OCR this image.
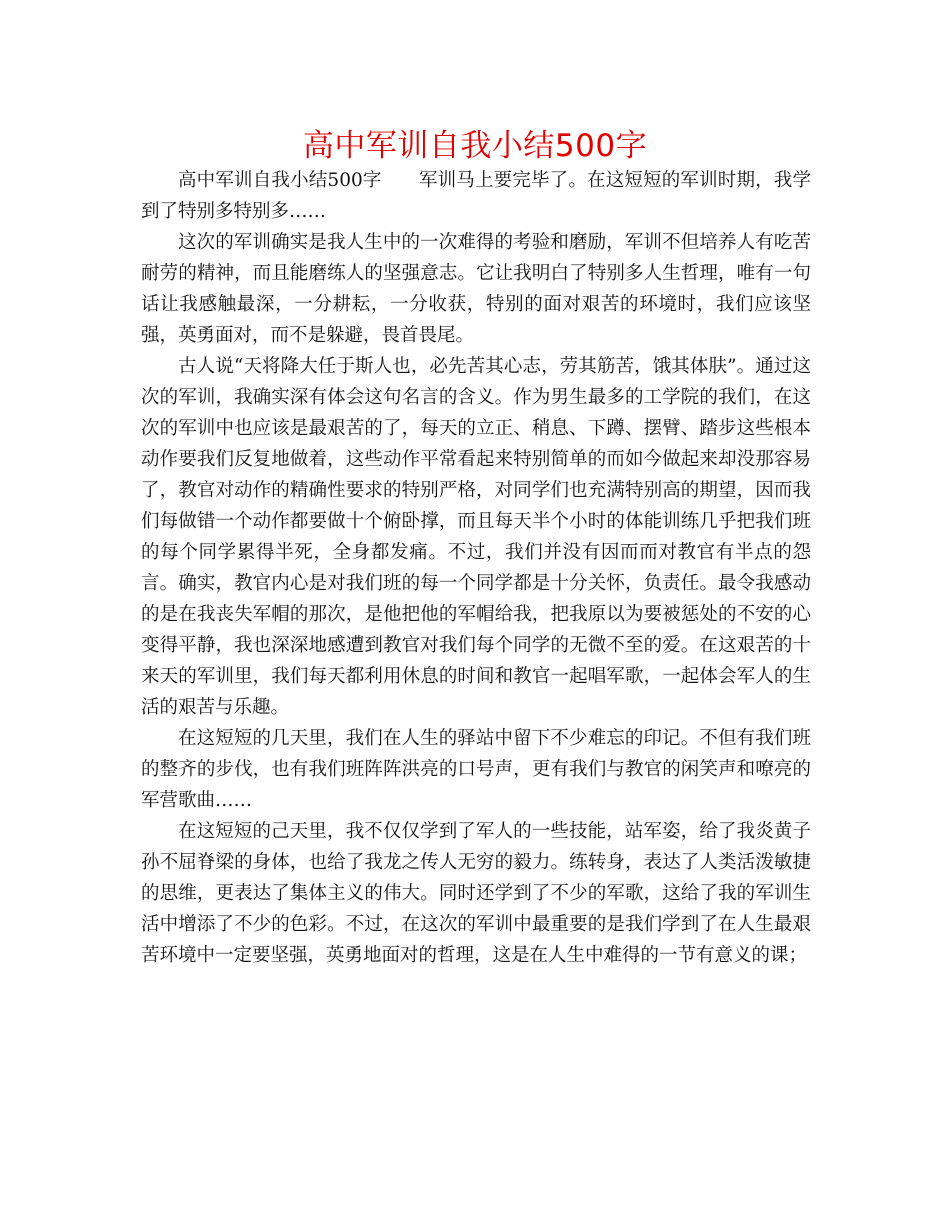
高中军训自我小结500字

高中军训自我小结500字　　军训马上要完毕了。在这短短的军训时期，我学到了特别多特别多……

这次的军训确实是我人生中的一次难得的考验和磨励，军训不但培养人有吃苦耐劳的精神，而且能磨练人的坚强意志。它让我明白了特别多人生哲理，唯有一句话让我感触最深，一分耕耘，一分收获，特别的面对艰苦的环境时，我们应该坚强，英勇面对，而不是躲避，畏首畏尾。

古人说“天将降大任于斯人也，必先苦其心志，劳其筋苦，饿其体肤”。通过这次的军训，我确实深有体会这句名言的含义。作为男生最多的工学院的我们，在这次的军训中也应该是最艰苦的了，每天的立正、稍息、下蹲、摆臂、踏步这些根本动作要我们反复地做着，这些动作平常看起来特别简单的而如今做起来却没那容易了，教官对动作的精确性要求的特别严格，对同学们也充满特别高的期望，因而我们每做错一个动作都要做十个俯卧撑，而且每天半个小时的体能训练几乎把我们班的每个同学累得半死，全身都发痛。不过，我们并没有因而而对教官有半点的怨言。确实，教官内心是对我们班的每一个同学都是十分关怀，负责任。最令我感动的是在我丧失军帽的那次，是他把他的军帽给我，把我原以为要被惩处的不安的心变得平静，我也深深地感遭到教官对我们每个同学的无微不至的爱。在这艰苦的十来天的军训里，我们每天都利用休息的时间和教官一起唱军歌，一起体会军人的生活的艰苦与乐趣。

在这短短的几天里，我们在人生的驿站中留下不少难忘的印记。不但有我们班的整齐的步伐，也有我们班阵阵洪亮的口号声，更有我们与教官的闲笑声和嘹亮的军营歌曲……

在这短短的己天里，我不仅仅学到了军人的一些技能，站军姿，给了我炎黄子孙不屈脊梁的身体，也给了我龙之传人无穷的毅力。练转身，表达了人类活泼敏捷的思维，更表达了集体主义的伟大。同时还学到了不少的军歌，这给了我的军训生活中增添了不少的色彩。不过，在这次的军训中最重要的是我们学到了在人生最艰苦环境中一定要坚强，英勇地面对的哲理，这是在人生中难得的一节有意义的课；
